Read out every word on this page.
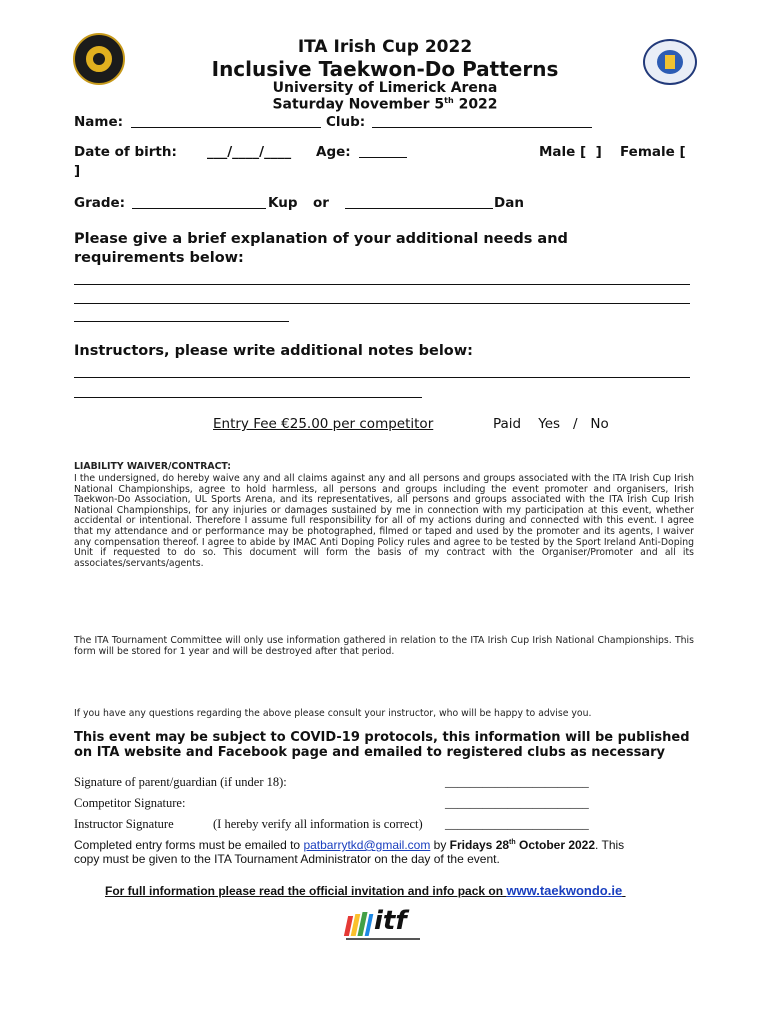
ITA Irish Cup 2022
Inclusive Taekwon-Do Patterns
University of Limerick Arena
Saturday November 5th 2022
Name:	Club:
Date of birth: ___/____/____ Age:	Male [  ] Female [
]
Grade:	Kup or	Dan
Please give a brief explanation of your additional needs and
requirements below:
Instructors, please write additional notes below:
Entry Fee €25.00 per competitor	Paid    Yes   /   No
LIABILITY WAIVER/CONTRACT:
I the undersigned, do hereby waive any and all claims against any and all persons and groups associated with the ITA Irish Cup Irish National Championships, agree to hold harmless, all persons and groups including the event promoter and organisers, Irish Taekwon-Do Association, UL Sports Arena, and its representatives, all persons and groups associated with the ITA Irish Cup Irish National Championships, for any injuries or damages sustained by me in connection with my participation at this event, whether accidental or intentional. Therefore I assume full responsibility for all of my actions during and connected with this event. I agree that my attendance and or performance may be photographed, filmed or taped and used by the promoter and its agents, I waiver any compensation thereof. I agree to abide by IMAC Anti Doping Policy rules and agree to be tested by the Sport Ireland Anti-Doping Unit if requested to do so. This document will form the basis of my contract with the Organiser/Promoter and all its associates/servants/agents.
The ITA Tournament Committee will only use information gathered in relation to the ITA Irish Cup Irish National Championships. This form will be stored for 1 year and will be destroyed after that period.
If you have any questions regarding the above please consult your instructor, who will be happy to advise you.
This event may be subject to COVID-19 protocols, this information will be published
on ITA website and Facebook page and emailed to registered clubs as necessary
Signature of parent/guardian (if under 18):	_______________________
Competitor Signature:	_______________________
Instructor Signature	(I hereby verify all information is correct) _______________________
Completed entry forms must be emailed to patbarrytkd@gmail.com by Fridays 28th October 2022. This
copy must be given to the ITA Tournament Administrator on the day of the event.
For full information please read the official invitation and info pack on www.taekwondo.ie
itf
